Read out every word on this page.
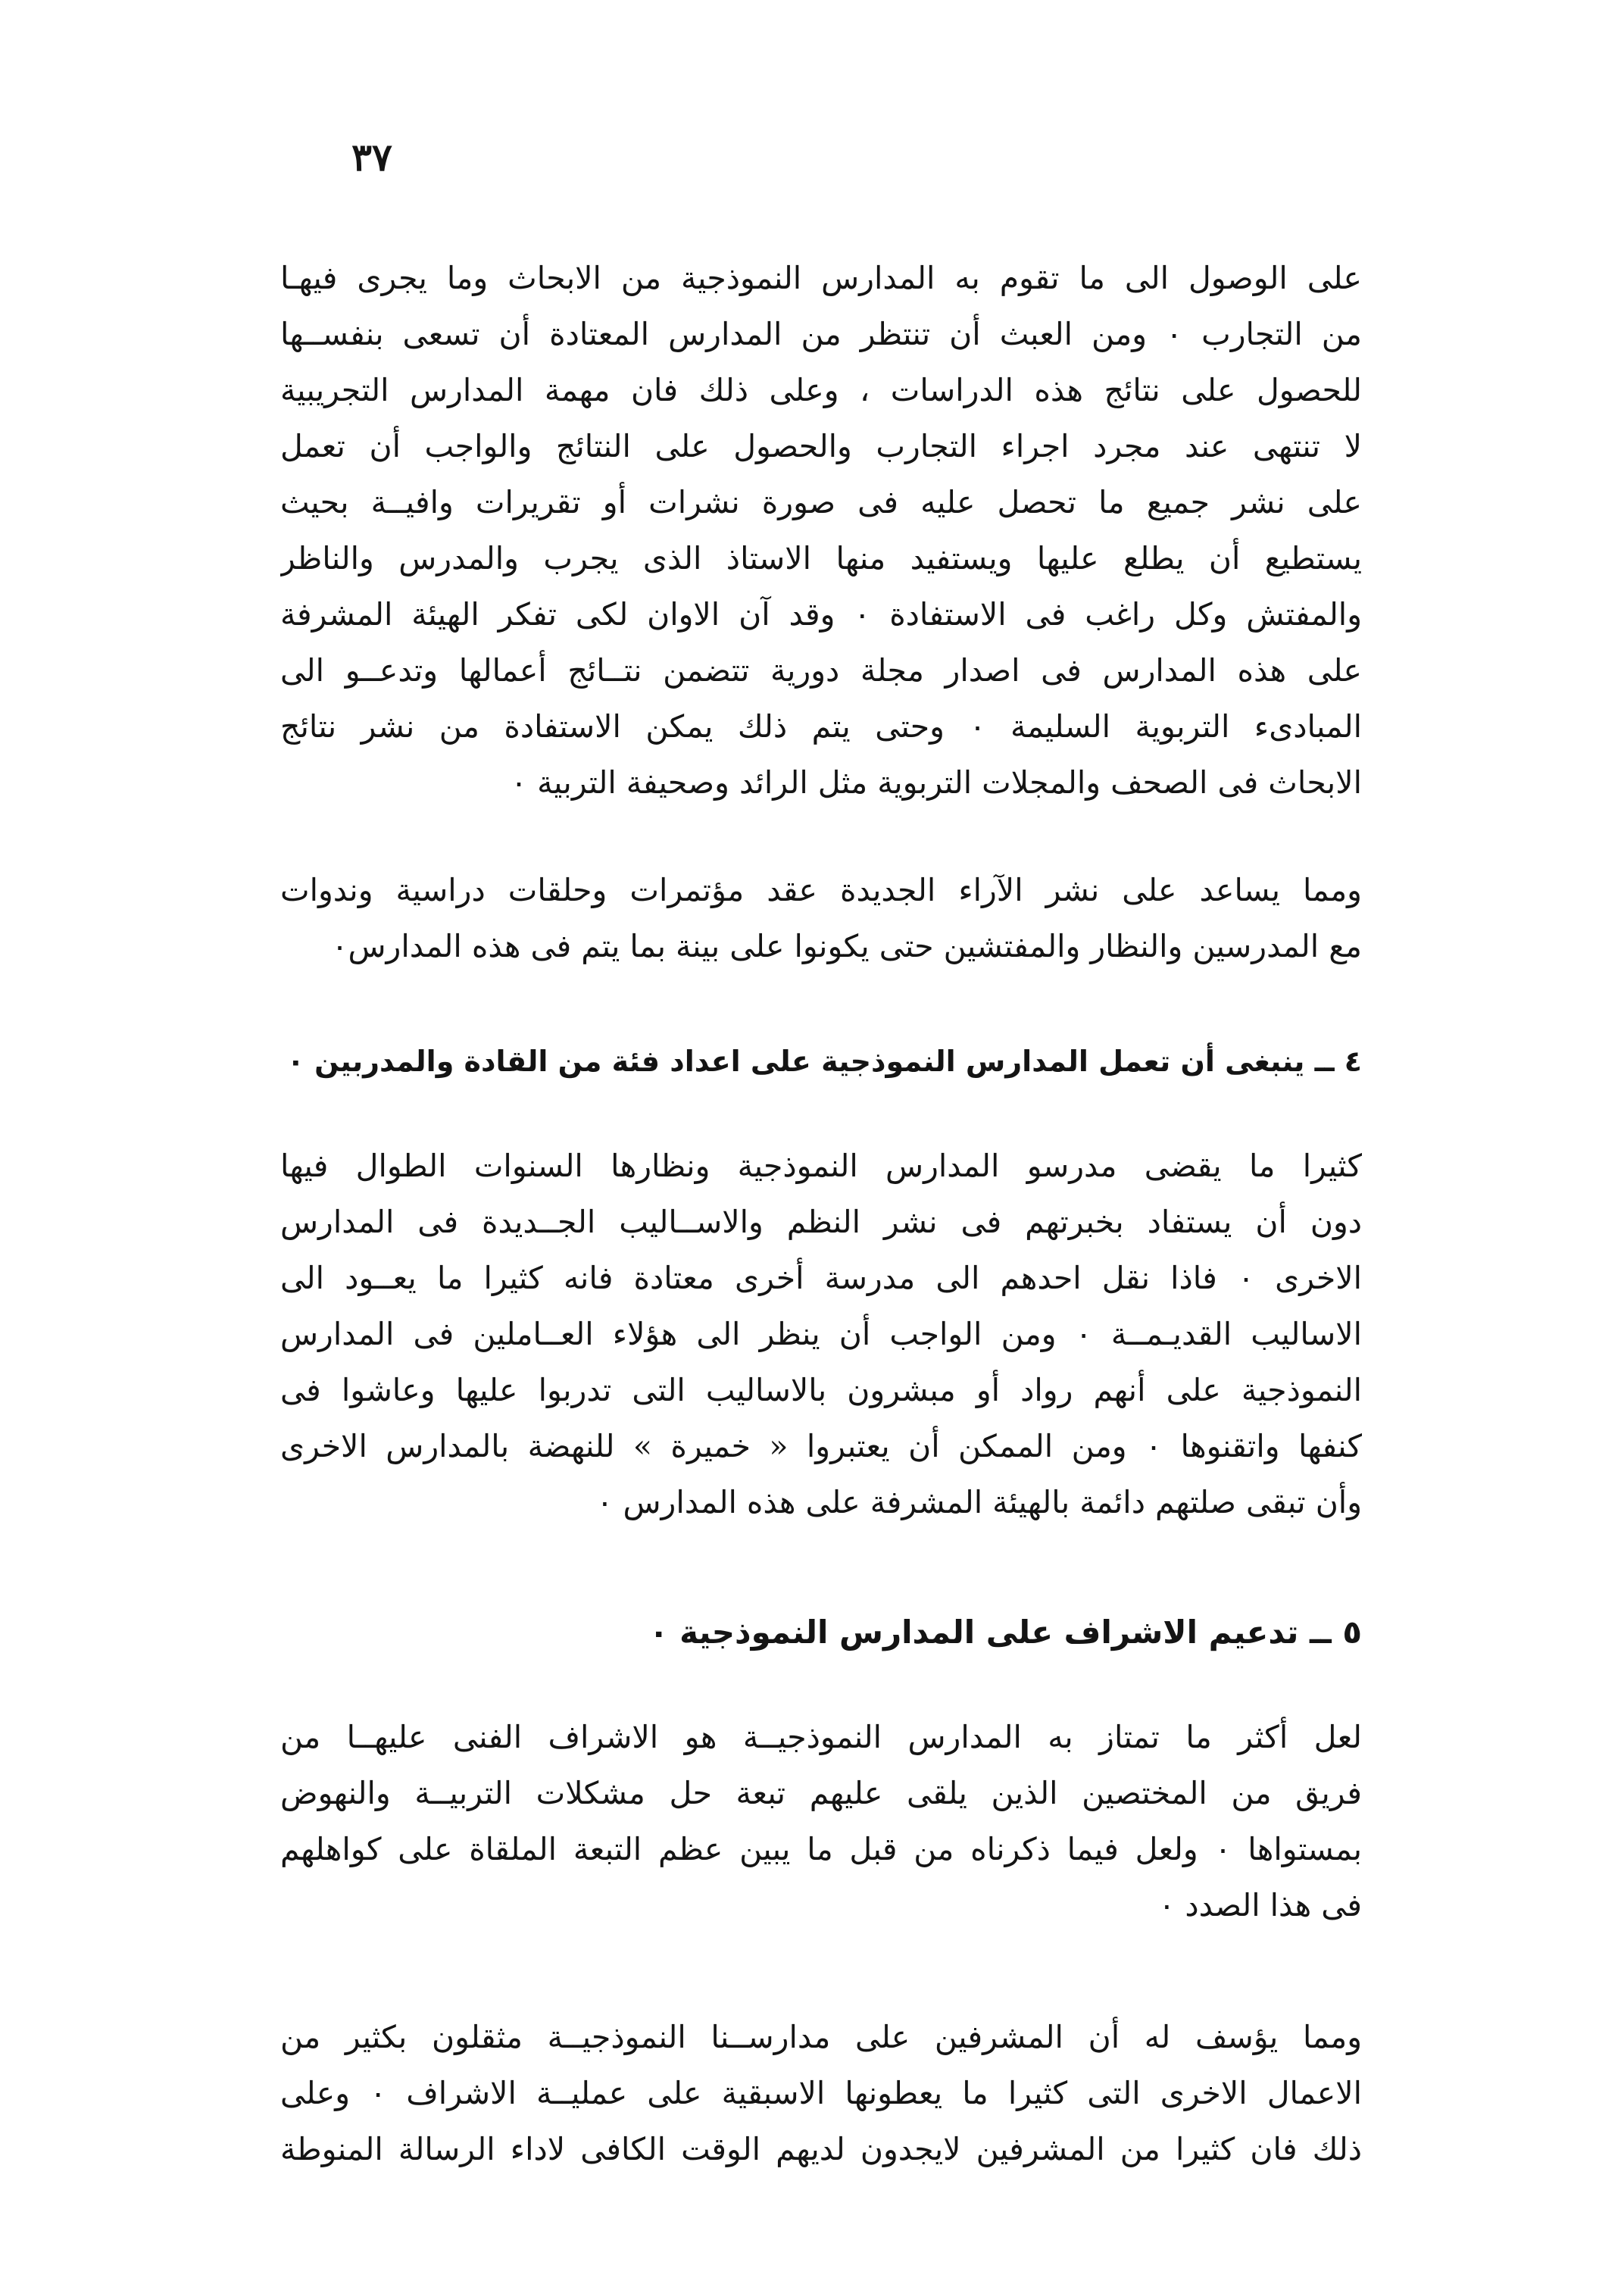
٣٧
على الوصول الى ما تقوم به المدارس النموذجية من الابحاث وما يجرى فيهـا
من التجارب ٠ ومن العبث أن تنتظر من المدارس المعتادة أن تسعى بنفســها
للحصول على نتائج هذه الدراسات ، وعلى ذلك فان مهمة المدارس التجريبية
لا تنتهى عند مجرد اجراء التجارب والحصول على النتائج والواجب أن تعمل
على نشر جميع ما تحصل عليه فى صورة نشرات أو تقريرات وافيــة بحيث
يستطيع أن يطلع عليها ويستفيد منها الاستاذ الذى يجرب والمدرس والناظر
والمفتش وكل راغب فى الاستفادة ٠ وقد آن الاوان لكى تفكر الهيئة المشرفة
على هذه المدارس فى اصدار مجلة دورية تتضمن نتــائج أعمالها وتدعــو الى
المبادىء التربوية السليمة ٠ وحتى يتم ذلك يمكن الاستفادة من نشر نتائج
الابحاث فى الصحف والمجلات التربوية مثل الرائد وصحيفة التربية ٠
ومما يساعد على نشر الآراء الجديدة عقد مؤتمرات وحلقات دراسية وندوات
مع المدرسين والنظار والمفتشين حتى يكونوا على بينة بما يتم فى هذه المدارس٠
٤ ــ ينبغى أن تعمل المدارس النموذجية على اعداد فئة من القادة والمدربين ٠
كثيرا ما يقضى مدرسو المدارس النموذجية ونظارها السنوات الطوال فيها
دون أن يستفاد بخبرتهم فى نشر النظم والاســاليب الجــديدة فى المدارس
الاخرى ٠ فاذا نقل احدهم الى مدرسة أخرى معتادة فانه كثيرا ما يعــود الى
الاساليب القديـمــة ٠ ومن الواجب أن ينظر الى هؤلاء العــاملين فى المدارس
النموذجية على أنهم رواد أو مبشرون بالاساليب التى تدربوا عليها وعاشوا فى
كنفها واتقنوها ٠ ومن الممكن أن يعتبروا « خميرة » للنهضة بالمدارس الاخرى
وأن تبقى صلتهم دائمة بالهيئة المشرفة على هذه المدارس ٠
٥ ــ تدعيم الاشراف على المدارس النموذجية ٠
لعل أكثر ما تمتاز به المدارس النموذجيــة هو الاشراف الفنى عليهــا من
فريق من المختصين الذين يلقى عليهم تبعة حل مشكلات التربيــة والنهوض
بمستواها ٠ ولعل فيما ذكرناه من قبل ما يبين عظم التبعة الملقاة على كواهلهم
فى هذا الصدد ٠
ومما يؤسف له أن المشرفين على مدارســنا النموذجيــة مثقلون بكثير من
الاعمال الاخرى التى كثيرا ما يعطونها الاسبقية على عمليــة الاشراف ٠ وعلى
ذلك فان كثيرا من المشرفين لايجدون لديهم الوقت الكافى لاداء الرسالة المنوطة
